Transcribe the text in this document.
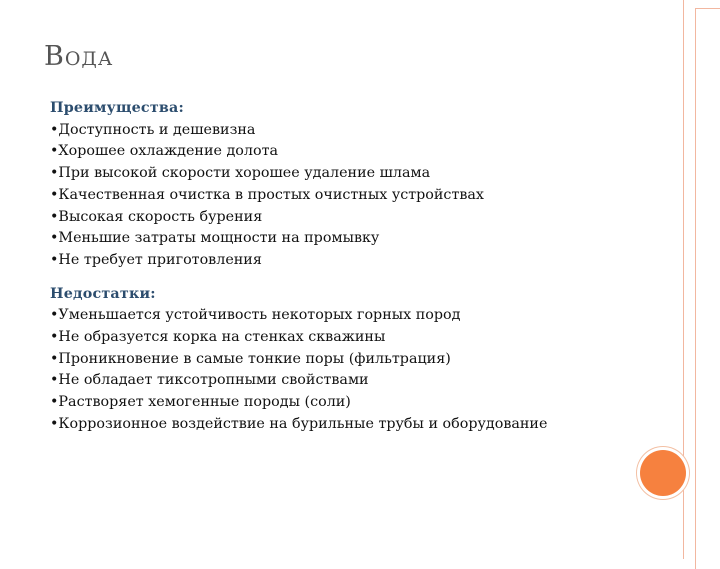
Вода
Преимущества:
•Доступность и дешевизна
•Хорошее охлаждение долота
•При высокой скорости хорошее удаление шлама
•Качественная очистка в простых очистных устройствах
•Высокая скорость бурения
•Меньшие затраты мощности на промывку
•Не требует приготовления
Недостатки:
•Уменьшается устойчивость некоторых горных пород
•Не образуется корка на стенках скважины
•Проникновение в самые тонкие поры (фильтрация)
•Не обладает тиксотропными свойствами
•Растворяет хемогенные породы (соли)
•Коррозионное воздействие на бурильные трубы и оборудование
